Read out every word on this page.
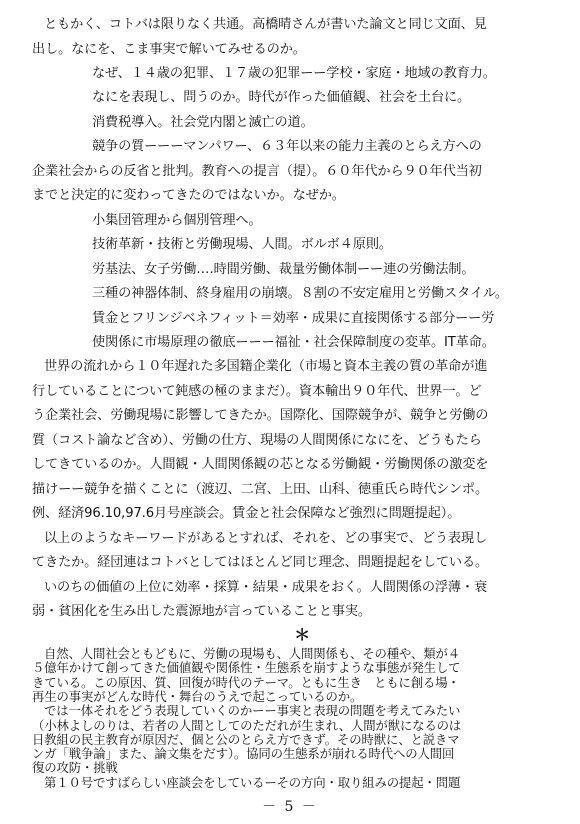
ともかく、コトバは限りなく共通。高橋晴さんが書いた論文と同じ文面、見
出し。なにを、こま事実で解いてみせるのか。
なぜ、１４歳の犯罪、１７歳の犯罪ーー学校・家庭・地域の教育力。
なにを表現し、問うのか。時代が作った価値観、社会を土台に。
消費税導入。社会党内閣と滅亡の道。
競争の質ーーーマンパワー、６３年以来の能力主義のとらえ方への
企業社会からの反省と批判。教育への提言（提）。６０年代から９０年代当初
までと決定的に変わってきたのではないか。なぜか。
小集団管理から個別管理へ。
技術革新・技術と労働現場、人間。ボルボ４原則。
労基法、女子労働‥‥時間労働、裁量労働体制ーー連の労働法制。
三種の神器体制、終身雇用の崩壊。８割の不安定雇用と労働スタイル。
賃金とフリンジベネフィット＝効率・成果に直接関係する部分ーー労
使関係に市場原理の徹底ーーー福祉・社会保障制度の変革。IT革命。
世界の流れから１０年遅れた多国籍企業化（市場と資本主義の質の革命が進
行していることについて鈍感の極のままだ）。資本輸出９０年代、世界一。ど
う企業社会、労働現場に影響してきたか。国際化、国際競争が、競争と労働の
質（コスト論など含め）、労働の仕方、現場の人間関係になにを、どうもたら
してきているのか。人間観・人間関係観の芯となる労働観・労働関係の激変を
描けーー競争を描くことに（渡辺、二宮、上田、山科、徳重氏ら時代シンポ。
例、経済96.10,97.6月号座談会。賃金と社会保障など強烈に問題提起）。
以上のようなキーワードがあるとすれば、それを、どの事実で、どう表現し
てきたか。経団連はコトバとしてはほとんど同じ理念、問題提起をしている。
いのちの価値の上位に効率・採算・結果・成果をおく。人間関係の浮薄・衰
弱・貧困化を生み出した震源地が言っていることと事実。
＊
自然、人間社会ともどもに、労働の現場も、人間関係も、その種や、類が４
５億年かけて創ってきた価値観や関係性・生態系を崩すような事態が発生して
きている。この原因、質、回復が時代のテーマ。ともに生き　ともに創る場・
再生の事実がどんな時代・舞台のうえで起こっているのか。
では一体それをどう表現していくのかーー事実と表現の問題を考えてみたい
（小林よしのりは、若者の人間としてのただれが生まれ、人間が獣になるのは
日教組の民主教育が原因だ、個と公のとらえ方できず。その時獣に、と説きマ
ンガ「戦争論」また、論文集をだす）。協同の生態系が崩れる時代への人間回
復の攻防・挑戦
第１０号ですばらしい座談会をしているーその方向・取り組みの提起・問題
－ 5 －
